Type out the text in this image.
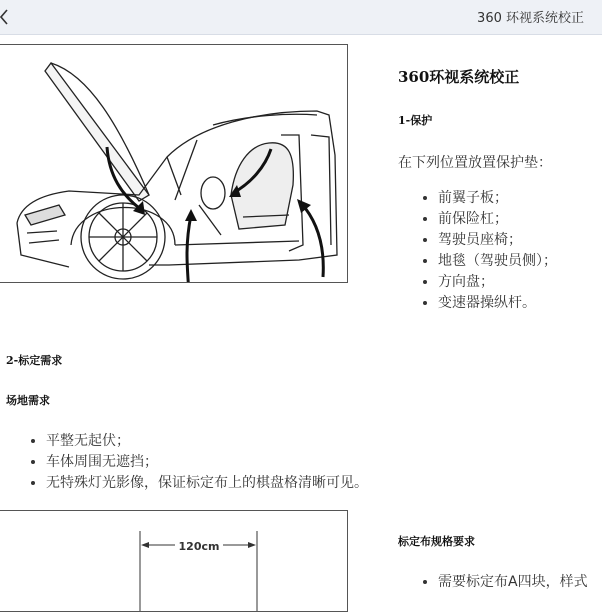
360 环视系统校正
360环视系统校正
1-保护
在下列位置放置保护垫：
• 前翼子板；
• 前保险杠；
• 驾驶员座椅；
• 地毯（驾驶员侧）；
• 方向盘；
• 变速器操纵杆。
2-标定需求
场地需求
• 平整无起伏；
• 车体周围无遮挡；
• 无特殊灯光影像，保证标定布上的棋盘格清晰可见。
120cm	标定布规格要求
• 需要标定布A四块，样式
